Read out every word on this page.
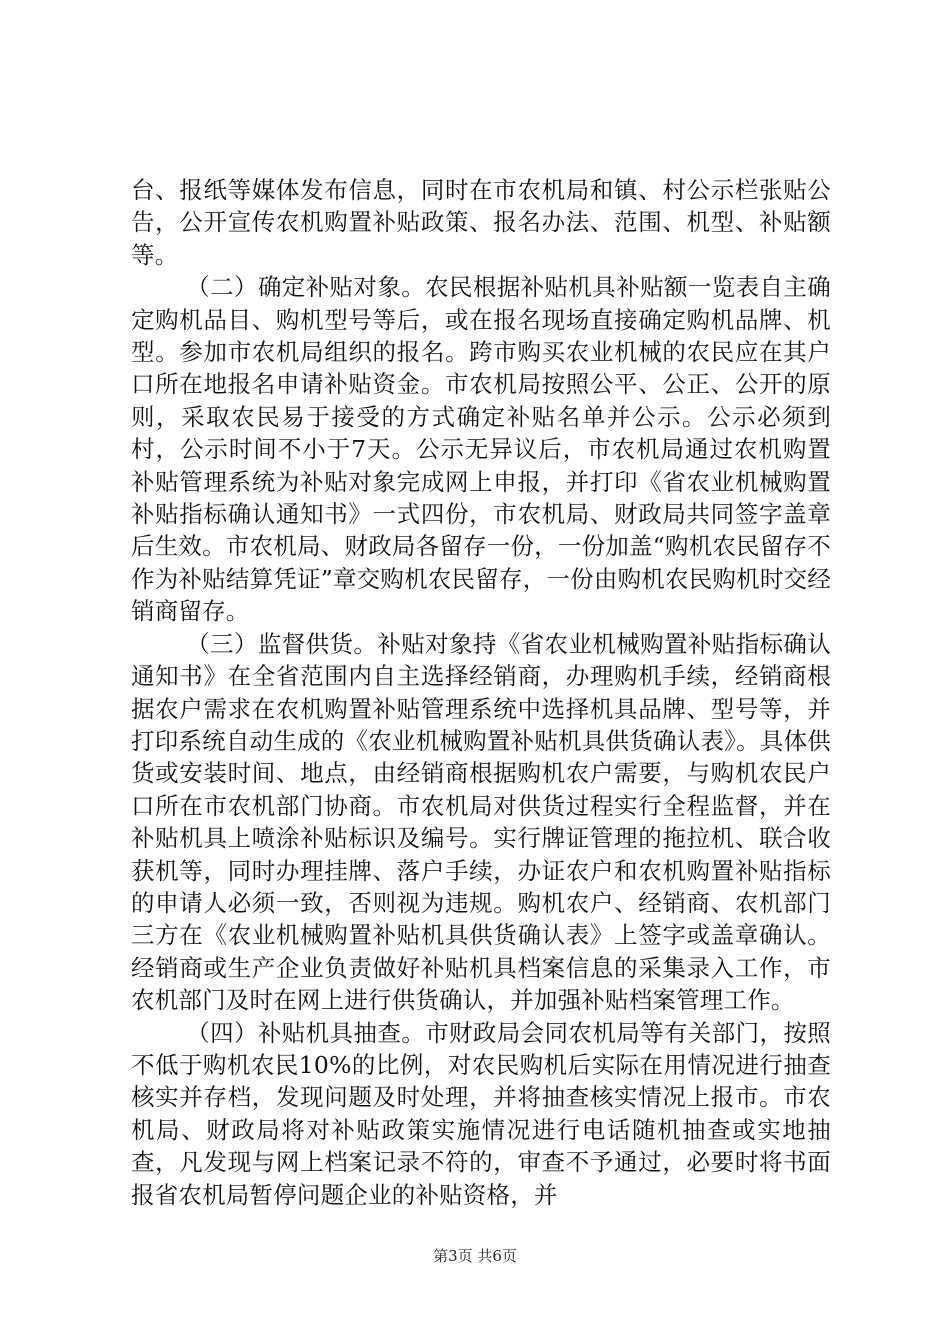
台、报纸等媒体发布信息，同时在市农机局和镇、村公示栏张贴公告，公开宣传农机购置补贴政策、报名办法、范围、机型、补贴额等。

（二）确定补贴对象。农民根据补贴机具补贴额一览表自主确定购机品目、购机型号等后，或在报名现场直接确定购机品牌、机型。参加市农机局组织的报名。跨市购买农业机械的农民应在其户口所在地报名申请补贴资金。市农机局按照公平、公正、公开的原则，采取农民易于接受的方式确定补贴名单并公示。公示必须到村，公示时间不小于7天。公示无异议后，市农机局通过农机购置补贴管理系统为补贴对象完成网上申报，并打印《省农业机械购置补贴指标确认通知书》一式四份，市农机局、财政局共同签字盖章后生效。市农机局、财政局各留存一份，一份加盖“购机农民留存不作为补贴结算凭证”章交购机农民留存，一份由购机农民购机时交经销商留存。

（三）监督供货。补贴对象持《省农业机械购置补贴指标确认通知书》在全省范围内自主选择经销商，办理购机手续，经销商根据农户需求在农机购置补贴管理系统中选择机具品牌、型号等，并打印系统自动生成的《农业机械购置补贴机具供货确认表》。具体供货或安装时间、地点，由经销商根据购机农户需要，与购机农民户口所在市农机部门协商。市农机局对供货过程实行全程监督，并在补贴机具上喷涂补贴标识及编号。实行牌证管理的拖拉机、联合收获机等，同时办理挂牌、落户手续，办证农户和农机购置补贴指标的申请人必须一致，否则视为违规。购机农户、经销商、农机部门三方在《农业机械购置补贴机具供货确认表》上签字或盖章确认。经销商或生产企业负责做好补贴机具档案信息的采集录入工作，市农机部门及时在网上进行供货确认，并加强补贴档案管理工作。

（四）补贴机具抽查。市财政局会同农机局等有关部门，按照不低于购机农民10%的比例，对农民购机后实际在用情况进行抽查核实并存档，发现问题及时处理，并将抽查核实情况上报市。市农机局、财政局将对补贴政策实施情况进行电话随机抽查或实地抽查，凡发现与网上档案记录不符的，审查不予通过，必要时将书面报省农机局暂停问题企业的补贴资格，并

第3页 共6页
